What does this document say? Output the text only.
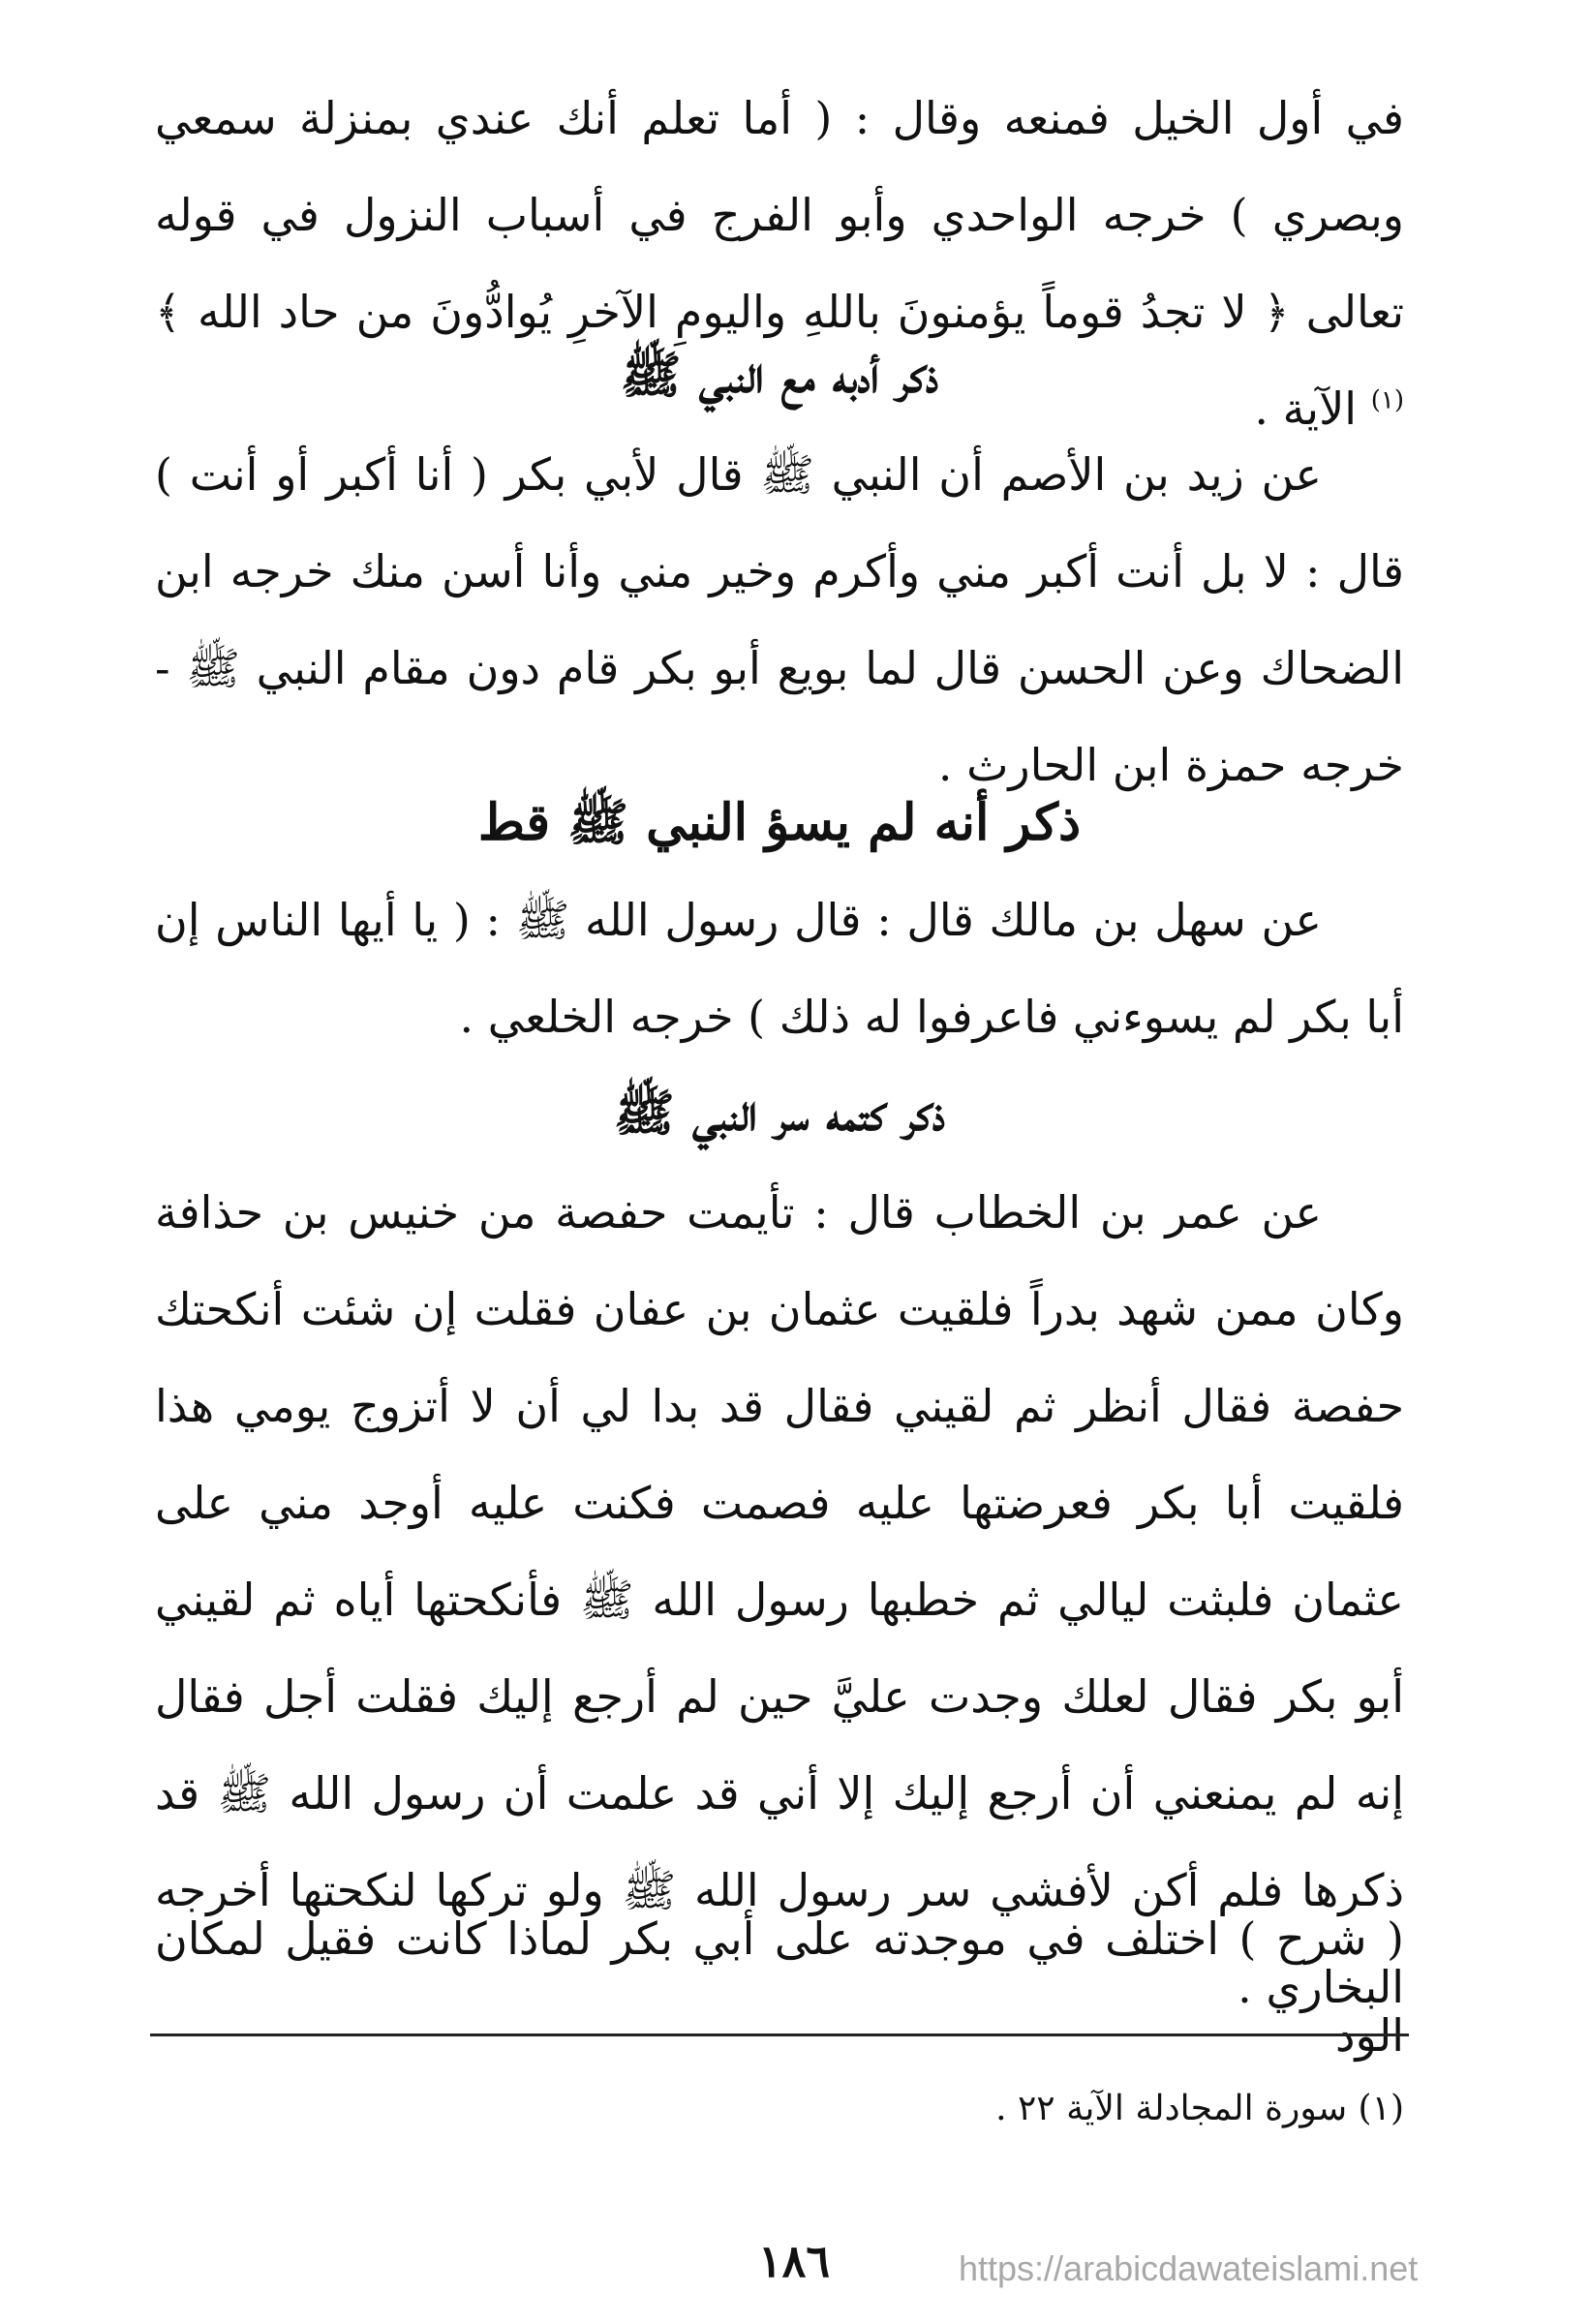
في أول الخيل فمنعه وقال : ( أما تعلم أنك عندي بمنزلة سمعي وبصري ) خرجه الواحدي وأبو الفرج في أسباب النزول في قوله تعالى ﴿ لا تجدُ قوماً يؤمنونَ باللهِ واليومِ الآخرِ يُوادُّونَ من حاد الله ﴾$^{(١)}$ الآية .

ذكر أدبه مع النبي ﷺ

عن زيد بن الأصم أن النبي ﷺ قال لأبي بكر ( أنا أكبر أو أنت ) قال : لا بل أنت أكبر مني وأكرم وخير مني وأنا أسن منك خرجه ابن الضحاك وعن الحسن قال لما بويع أبو بكر قام دون مقام النبي ﷺ - خرجه حمزة ابن الحارث .

ذكر أنه لم يسؤ النبي ﷺ قط

عن سهل بن مالك قال : قال رسول الله ﷺ : ( يا أيها الناس إن أبا بكر لم يسوءني فاعرفوا له ذلك ) خرجه الخلعي .

ذكر كتمه سر النبي ﷺ

عن عمر بن الخطاب قال : تأيمت حفصة من خنيس بن حذافة وكان ممن شهد بدراً فلقيت عثمان بن عفان فقلت إن شئت أنكحتك حفصة فقال أنظر ثم لقيني فقال قد بدا لي أن لا أتزوج يومي هذا فلقيت أبا بكر فعرضتها عليه فصمت فكنت عليه أوجد مني على عثمان فلبثت ليالي ثم خطبها رسول الله ﷺ فأنكحتها أياه ثم لقيني أبو بكر فقال لعلك وجدت عليَّ حين لم أرجع إليك فقلت أجل فقال إنه لم يمنعني أن أرجع إليك إلا أني قد علمت أن رسول الله ﷺ قد ذكرها فلم أكن لأفشي سر رسول الله ﷺ ولو تركها لنكحتها أخرجه البخاري .

( شرح ) اختلف في موجدته على أبي بكر لماذا كانت فقيل لمكان الود

(١) سورة المجادلة الآية ٢٢ .
١٨٦	https://arabicdawateislami.net
